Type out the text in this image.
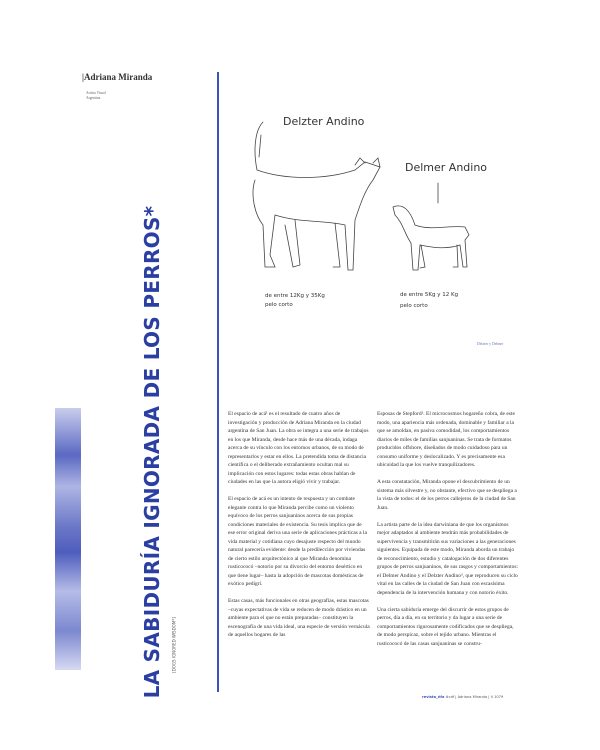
|Adriana Miranda
Artista Visual
Argentina
LA SABIDURÍA IGNORADA DE LOS PERROS* [DOGS IGNORED WISDOM*]
Delzter Andino
Delmer Andino
de entre 12Kg y 35Kg
pelo corto
de entre 5Kg y 12 Kg
pelo corto
Delzter y Delmer

El espacio de acá¹ es el resultado de cuatro años de investigación y producción de Adriana Miranda en la ciudad argentina de San Juan. La obra se integra a una serie de trabajos en los que Miranda, desde hace más de una década, indaga acerca de su vínculo con los entornos urbanos, de su modo de representarlos y estar en ellos. La pretendida toma de distancia científica o el deliberado extrañamiento ocultan mal su implicación con estos lugares: todas estas obras hablan de ciudades en las que la autora eligió vivir y trabajar.

El espacio de acá es un intento de respuesta y un combate elegante contra lo que Miranda percibe como un violento equívoco de los perros sanjuaninos acerca de sus propias condiciones materiales de existencia. Su tesis implica que de ese error original deriva una serie de aplicaciones prácticas a la vida material y cotidiana cuyo desajuste respecto del mundo natural parecería evidente: desde la predilección por viviendas de cierto estilo arquitectónico al que Miranda denomina rusticococó –notorio por su divorcio del entorno desértico en que tiene lugar– hasta la adopción de mascotas domésticas de exótico pedigrí.

Estas casas, más funcionales en otras geografías, estas mascotas –cuyas expectativas de vida se reducen de modo drástico en un ambiente para el que no están preparadas– constituyen la escenografía de una vida ideal, una especie de versión vernácula de aquellos hogares de las

Esposas de Stepford². El microcosmos hogareño cobra, de este modo, una apariencia más ordenada, dominable y familiar a la que se amoldan, en pasiva comodidad, los comportamientos diarios de miles de familias sanjuaninas. Se trata de formatos producidos offshore, diseñados de modo cuidadoso para un consumo uniforme y deslocalizado. Y es precisamente esa ubicuidad la que los vuelve tranquilizadores.

A esta constatación, Miranda opone el descubrimiento de un sistema más silvestre y, no obstante, efectivo que se despliega a la vista de todos: el de los perros callejeros de la ciudad de San Juan.

La artista parte de la idea darwiniana de que los organismos mejor adaptados al ambiente tendrán más probabilidades de supervivencia y transmitirán sus variaciones a las generaciones siguientes. Equipada de este modo, Miranda aborda un trabajo de reconocimiento, estudio y catalogación de dos diferentes grupos de perros sanjuaninos, de sus rasgos y comportamientos: el Delmer Andino y el Delzter Andino³, que reproducen su ciclo vital en las calles de la ciudad de San Juan con escasísima dependencia de la intervención humana y con notorio éxito.

Una cierta sabiduría emerge del discurrir de estos grupos de perros, día a día, en su territorio y da lugar a una serie de comportamientos rigurosamente codificados que se despliega, de modo perspicaz, sobre el tejido urbano. Mientras el rusticococó de las casas sanjuaninas se constru-

revista_ñfa #cdf | Adriana Miranda | ñ 1079
